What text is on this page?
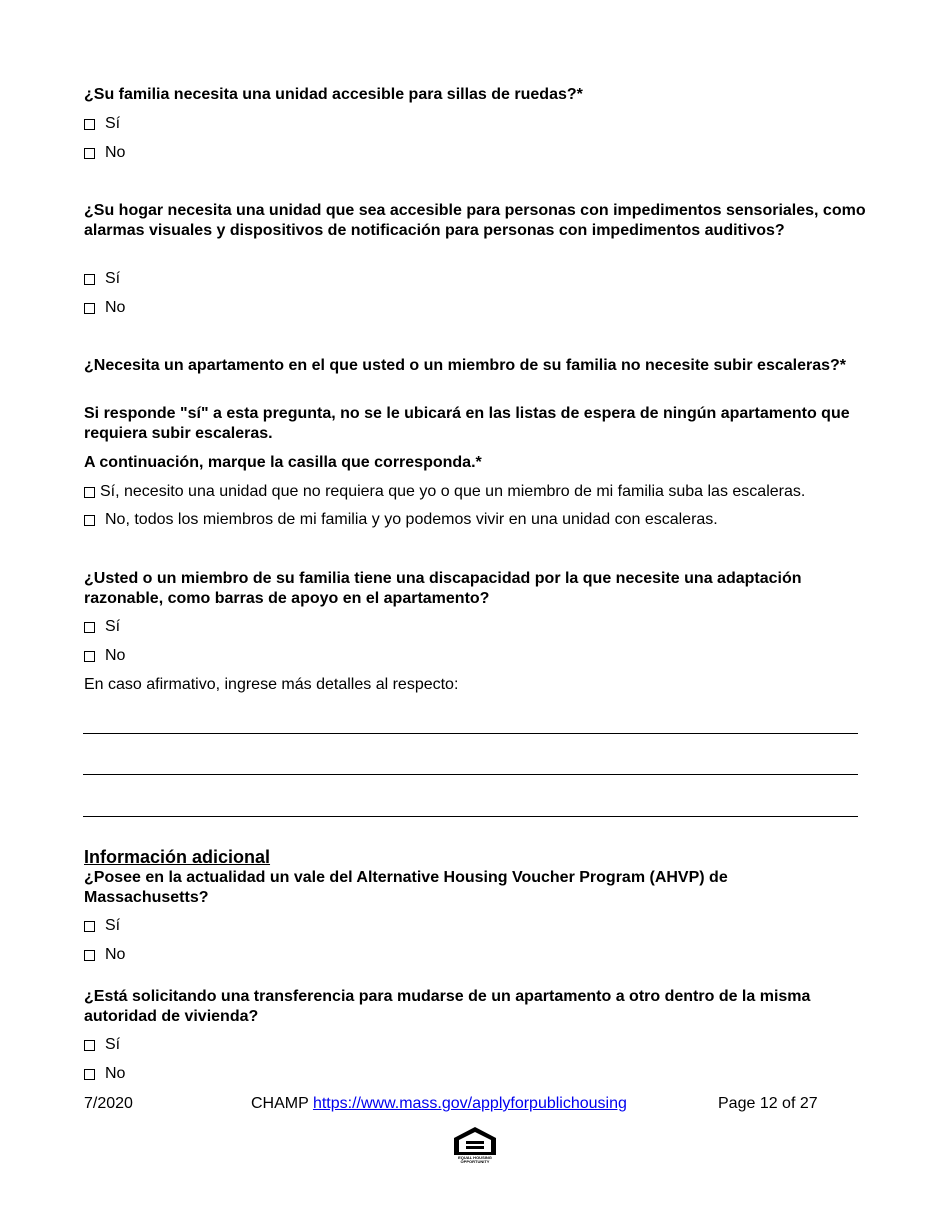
¿Su familia necesita una unidad accesible para sillas de ruedas?*

Sí
No

¿Su hogar necesita una unidad que sea accesible para personas con impedimentos sensoriales, como alarmas visuales y dispositivos de notificación para personas con impedimentos auditivos?

Sí
No

¿Necesita un apartamento en el que usted o un miembro de su familia no necesite subir escaleras?*

Si responde "sí" a esta pregunta, no se le ubicará en las listas de espera de ningún apartamento que requiera subir escaleras.

A continuación, marque la casilla que corresponda.*

Sí, necesito una unidad que no requiera que yo o que un miembro de mi familia suba las escaleras.
No, todos los miembros de mi familia y yo podemos vivir en una unidad con escaleras.

¿Usted o un miembro de su familia tiene una discapacidad por la que necesite una adaptación razonable, como barras de apoyo en el apartamento?

Sí
No
En caso afirmativo, ingrese más detalles al respecto:
Información adicional

¿Posee en la actualidad un vale del Alternative Housing Voucher Program (AHVP) de Massachusetts?

Sí
No

¿Está solicitando una transferencia para mudarse de un apartamento a otro dentro de la misma autoridad de vivienda?

Sí
No
7/2020	CHAMP https://www.mass.gov/applyforpublichousing	Page 12 of 27
EQUAL HOUSING OPPORTUNITY
